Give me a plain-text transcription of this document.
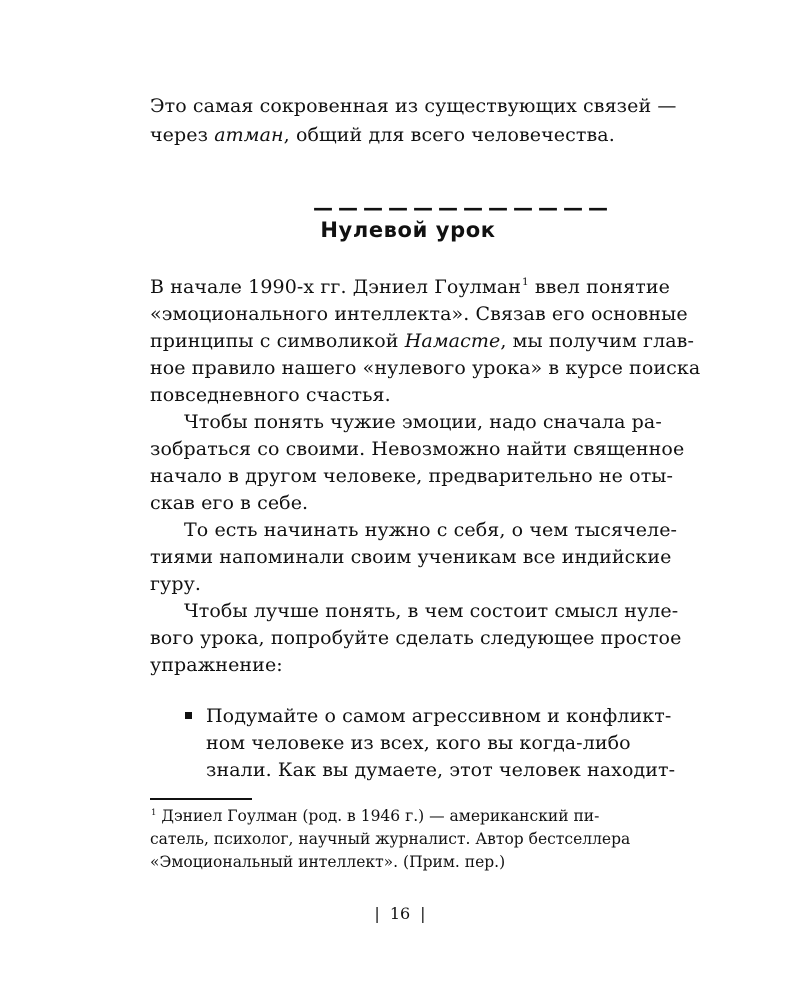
Это самая сокровенная из существующих связей —
через атман, общий для всего человечества.
————————————
Нулевой урок
В начале 1990-х гг. Дэниел Гоулман$^1$ ввел понятие
«эмоционального интеллекта». Связав его основные
принципы с символикой Намасте, мы получим глав-
ное правило нашего «нулевого урока» в курсе поиска
повседневного счастья.
Чтобы понять чужие эмоции, надо сначала ра-
зобраться со своими. Невозможно найти священное
начало в другом человеке, предварительно не оты-
скав его в себе.
То есть начинать нужно с себя, о чем тысячеле-
тиями напоминали своим ученикам все индийские
гуру.
Чтобы лучше понять, в чем состоит смысл нуле-
вого урока, попробуйте сделать следующее простое
упражнение:
Подумайте о самом агрессивном и конфликт-
ном человеке из всех, кого вы когда-либо
знали. Как вы думаете, этот человек находит-
$^1$ Дэниел Гоулман (род. в 1946 г.) — американский пи-
сатель, психолог, научный журналист. Автор бестселлера
«Эмоциональный интеллект». (Прим. пер.)
| 16 |
